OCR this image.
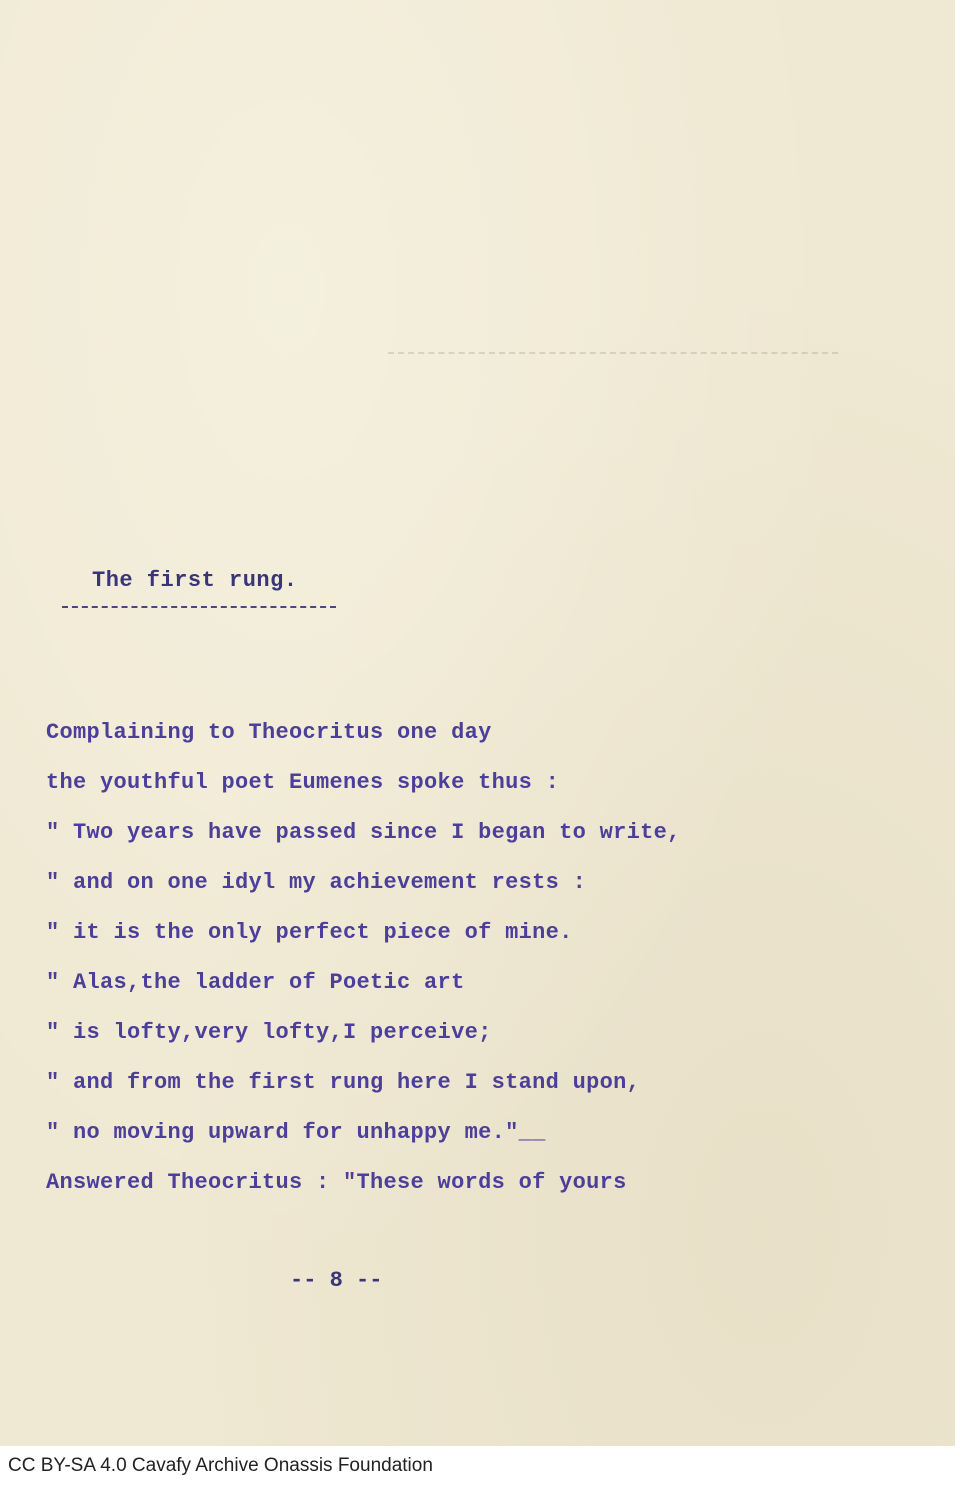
The first rung.
Complaining to Theocritus one day
the youthful poet Eumenes spoke thus :
" Two years have passed since I began to write,
" and on one idyl my achievement rests :
" it is the only perfect piece of mine.
" Alas,the ladder of Poetic art
" is lofty,very lofty,I perceive;
" and from the first rung here I stand upon,
" no moving upward for unhappy me."__
Answered Theocritus : "These words of yours
-- 8 --
CC BY-SA 4.0 Cavafy Archive Onassis Foundation
